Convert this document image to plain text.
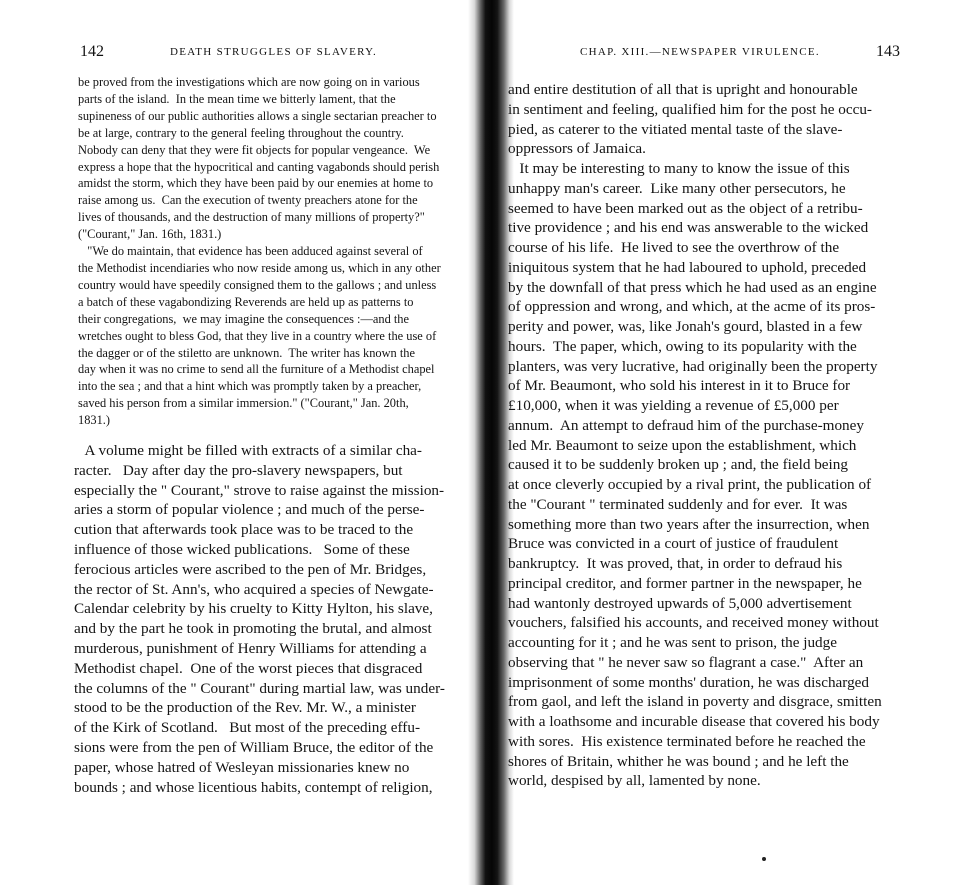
142	DEATH STRUGGLES OF SLAVERY.	CHAP. XIII.—NEWSPAPER VIRULENCE.	143

be proved from the investigations which are now going on in various
parts of the island.  In the mean time we bitterly lament, that the
supineness of our public authorities allows a single sectarian preacher to
be at large, contrary to the general feeling throughout the country.
Nobody can deny that they were fit objects for popular vengeance.  We
express a hope that the hypocritical and canting vagabonds should perish
amidst the storm, which they have been paid by our enemies at home to
raise among us.  Can the execution of twenty preachers atone for the
lives of thousands, and the destruction of many millions of property?"
("Courant," Jan. 16th, 1831.)
"We do maintain, that evidence has been adduced against several of
the Methodist incendiaries who now reside among us, which in any other
country would have speedily consigned them to the gallows ; and unless
a batch of these vagabondizing Reverends are held up as patterns to
their congregations,  we may imagine the consequences :—and the
wretches ought to bless God, that they live in a country where the use of
the dagger or of the stiletto are unknown.  The writer has known the
day when it was no crime to send all the furniture of a Methodist chapel
into the sea ; and that a hint which was promptly taken by a preacher,
saved his person from a similar immersion." ("Courant," Jan. 20th,
1831.)

A volume might be filled with extracts of a similar cha-
racter.   Day after day the pro-slavery newspapers, but
especially the " Courant," strove to raise against the mission-
aries a storm of popular violence ; and much of the perse-
cution that afterwards took place was to be traced to the
influence of those wicked publications.   Some of these
ferocious articles were ascribed to the pen of Mr. Bridges,
the rector of St. Ann's, who acquired a species of Newgate-
Calendar celebrity by his cruelty to Kitty Hylton, his slave,
and by the part he took in promoting the brutal, and almost
murderous, punishment of Henry Williams for attending a
Methodist chapel.  One of the worst pieces that disgraced
the columns of the " Courant" during martial law, was under-
stood to be the production of the Rev. Mr. W., a minister
of the Kirk of Scotland.   But most of the preceding effu-
sions were from the pen of William Bruce, the editor of the
paper, whose hatred of Wesleyan missionaries knew no
bounds ; and whose licentious habits, contempt of religion,

and entire destitution of all that is upright and honourable
in sentiment and feeling, qualified him for the post he occu-
pied, as caterer to the vitiated mental taste of the slave-
oppressors of Jamaica.
It may be interesting to many to know the issue of this
unhappy man's career.  Like many other persecutors, he
seemed to have been marked out as the object of a retribu-
tive providence ; and his end was answerable to the wicked
course of his life.  He lived to see the overthrow of the
iniquitous system that he had laboured to uphold, preceded
by the downfall of that press which he had used as an engine
of oppression and wrong, and which, at the acme of its pros-
perity and power, was, like Jonah's gourd, blasted in a few
hours.  The paper, which, owing to its popularity with the
planters, was very lucrative, had originally been the property
of Mr. Beaumont, who sold his interest in it to Bruce for
£10,000, when it was yielding a revenue of £5,000 per
annum.  An attempt to defraud him of the purchase-money
led Mr. Beaumont to seize upon the establishment, which
caused it to be suddenly broken up ; and, the field being
at once cleverly occupied by a rival print, the publication of
the "Courant " terminated suddenly and for ever.  It was
something more than two years after the insurrection, when
Bruce was convicted in a court of justice of fraudulent
bankruptcy.  It was proved, that, in order to defraud his
principal creditor, and former partner in the newspaper, he
had wantonly destroyed upwards of 5,000 advertisement
vouchers, falsified his accounts, and received money without
accounting for it ; and he was sent to prison, the judge
observing that " he never saw so flagrant a case."  After an
imprisonment of some months' duration, he was discharged
from gaol, and left the island in poverty and disgrace, smitten
with a loathsome and incurable disease that covered his body
with sores.  His existence terminated before he reached the
shores of Britain, whither he was bound ; and he left the
world, despised by all, lamented by none.
